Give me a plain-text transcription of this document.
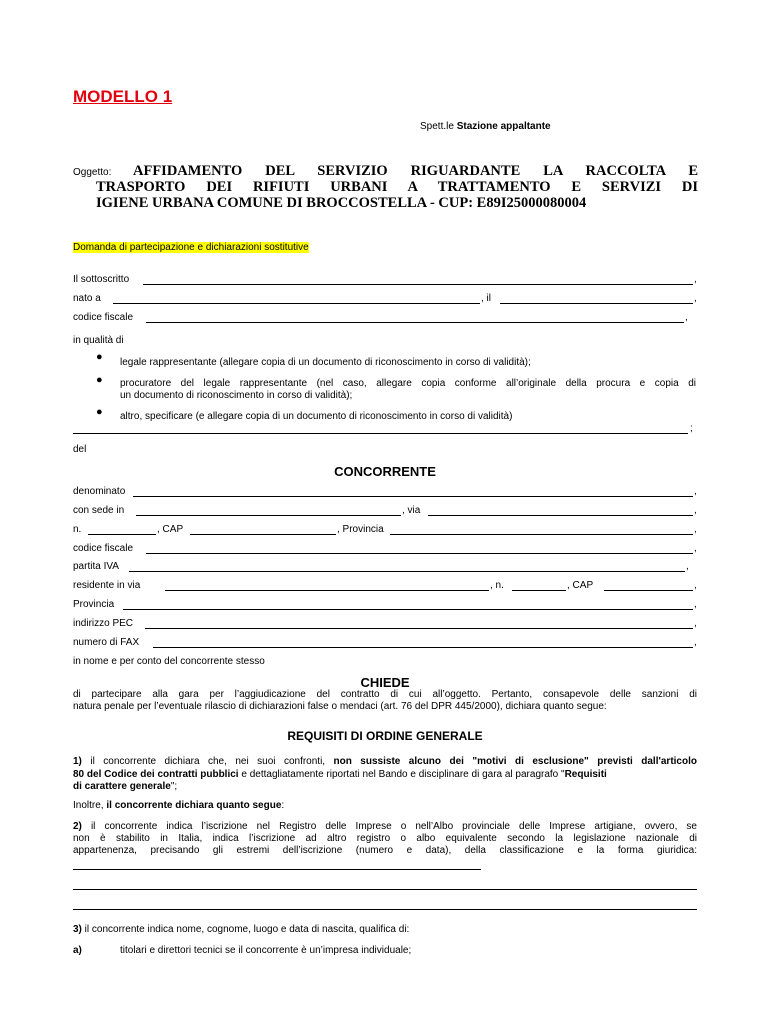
MODELLO 1
Spett.le Stazione appaltante
Oggetto: AFFIDAMENTO DEL SERVIZIO RIGUARDANTE LA RACCOLTA E
TRASPORTO DEI RIFIUTI URBANI A TRATTAMENTO E SERVIZI DI
IGIENE URBANA COMUNE DI BROCCOSTELLA - CUP: E89I25000080004
Domanda di partecipazione e dichiarazioni sostitutive
Il sottoscritto	,
nato a	, il	,
codice fiscale	,
in qualità di
● legale rappresentante (allegare copia di un documento di riconoscimento in corso di validità);
● procuratore del legale rappresentante (nel caso, allegare copia conforme all’originale della procura e copia di
un documento di riconoscimento in corso di validità);
● altro, specificare (e allegare copia di un documento di riconoscimento in corso di validità)
;
del
CONCORRENTE
denominato	,
con sede in	, via	,
n.	, CAP	, Provincia	,
codice fiscale	,
partita IVA	,
residente in via	, n.	, CAP	,
Provincia	,
indirizzo PEC	,
numero di FAX	,
in nome e per conto del concorrente stesso
CHIEDE
di partecipare alla gara per l’aggiudicazione del contratto di cui all’oggetto. Pertanto, consapevole delle sanzioni di
natura penale per l’eventuale rilascio di dichiarazioni false o mendaci (art. 76 del DPR 445/2000), dichiara quanto segue:
REQUISITI DI ORDINE GENERALE
1) il concorrente dichiara che, nei suoi confronti, non sussiste alcuno dei "motivi di esclusione" previsti dall'articolo
80 del Codice dei contratti pubblici e dettagliatamente riportati nel Bando e disciplinare di gara al paragrafo "Requisiti
di carattere generale";
Inoltre, il concorrente dichiara quanto segue:
2) il concorrente indica l’iscrizione nel Registro delle Imprese o nell’Albo provinciale delle Imprese artigiane, ovvero, se
non è stabilito in Italia, indica l’iscrizione ad altro registro o albo equivalente secondo la legislazione nazionale di
appartenenza, precisando gli estremi dell’iscrizione (numero e data), della classificazione e la forma giuridica:
3) il concorrente indica nome, cognome, luogo e data di nascita, qualifica di:
a)	titolari e direttori tecnici se il concorrente è un’impresa individuale;
